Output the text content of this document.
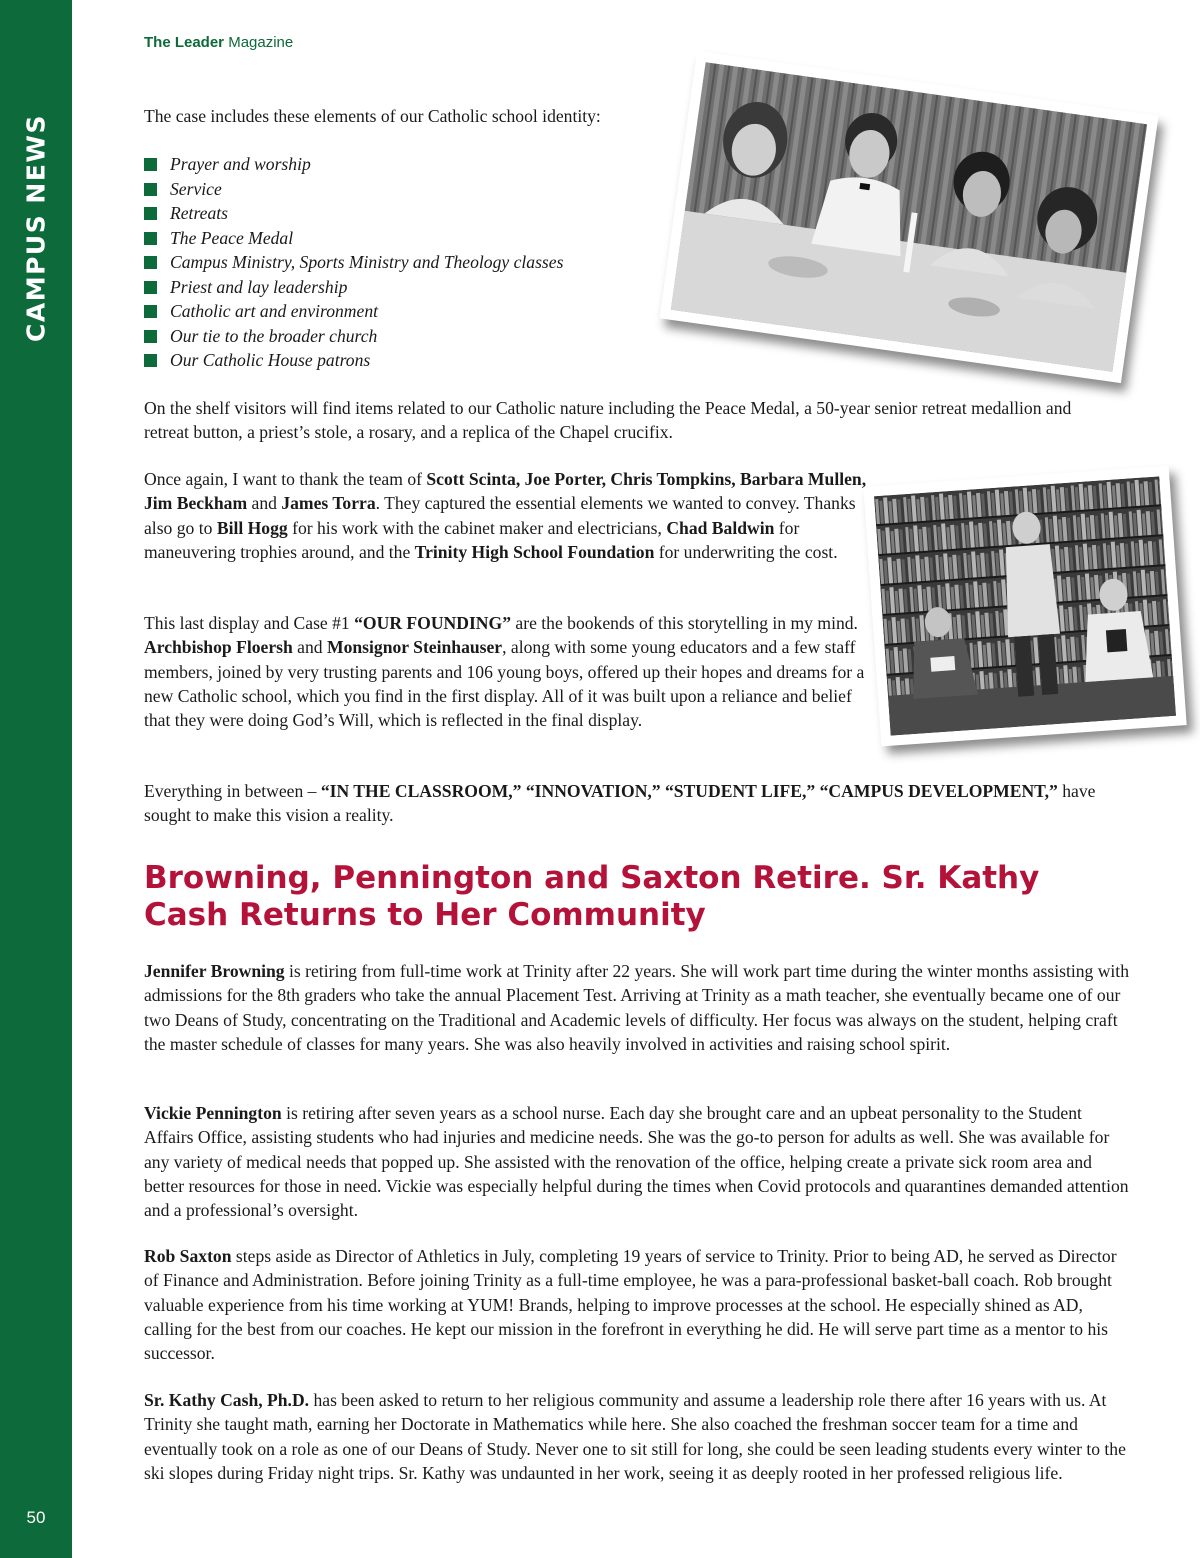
CAMPUS NEWS
50
The Leader Magazine

The case includes these elements of our Catholic school identity:

Prayer and worship
Service
Retreats
The Peace Medal
Campus Ministry, Sports Ministry and Theology classes
Priest and lay leadership
Catholic art and environment
Our tie to the broader church
Our Catholic House patrons

On the shelf visitors will find items related to our Catholic nature including the Peace Medal, a 50-year senior retreat medallion and retreat button, a priest’s stole, a rosary, and a replica of the Chapel crucifix.

Once again, I want to thank the team of Scott Scinta, Joe Porter, Chris Tompkins, Barbara Mullen, Jim Beckham and James Torra. They captured the essential elements we wanted to convey. Thanks also go to Bill Hogg for his work with the cabinet maker and electricians, Chad Baldwin for maneuvering trophies around, and the Trinity High School Foundation for underwriting the cost.

This last display and Case #1 “OUR FOUNDING” are the bookends of this storytelling in my mind. Archbishop Floersh and Monsignor Steinhauser, along with some young educators and a few staff members, joined by very trusting parents and 106 young boys, offered up their hopes and dreams for a new Catholic school, which you find in the first display. All of it was built upon a reliance and belief that they were doing God’s Will, which is reflected in the final display.

Everything in between – “IN THE CLASSROOM,” “INNOVATION,” “STUDENT LIFE,” “CAMPUS DEVELOPMENT,” have sought to make this vision a reality.

Browning, Pennington and Saxton Retire. Sr. Kathy Cash Returns to Her Community

Jennifer Browning is retiring from full-time work at Trinity after 22 years. She will work part time during the winter months assisting with admissions for the 8th graders who take the annual Placement Test. Arriving at Trinity as a math teacher, she eventually became one of our two Deans of Study, concentrating on the Traditional and Academic levels of difficulty. Her focus was always on the student, helping craft the master schedule of classes for many years. She was also heavily involved in activities and raising school spirit.

Vickie Pennington is retiring after seven years as a school nurse. Each day she brought care and an upbeat personality to the Student Affairs Office, assisting students who had injuries and medicine needs. She was the go-to person for adults as well. She was available for any variety of medical needs that popped up. She assisted with the renovation of the office, helping create a private sick room area and better resources for those in need. Vickie was especially helpful during the times when Covid protocols and quarantines demanded attention and a professional’s oversight.

Rob Saxton steps aside as Director of Athletics in July, completing 19 years of service to Trinity. Prior to being AD, he served as Director of Finance and Administration. Before joining Trinity as a full-time employee, he was a para-professional basket-ball coach. Rob brought valuable experience from his time working at YUM! Brands, helping to improve processes at the school. He especially shined as AD, calling for the best from our coaches. He kept our mission in the forefront in everything he did. He will serve part time as a mentor to his successor.

Sr. Kathy Cash, Ph.D. has been asked to return to her religious community and assume a leadership role there after 16 years with us. At Trinity she taught math, earning her Doctorate in Mathematics while here. She also coached the freshman soccer team for a time and eventually took on a role as one of our Deans of Study. Never one to sit still for long, she could be seen leading students every winter to the ski slopes during Friday night trips. Sr. Kathy was undaunted in her work, seeing it as deeply rooted in her professed religious life.
